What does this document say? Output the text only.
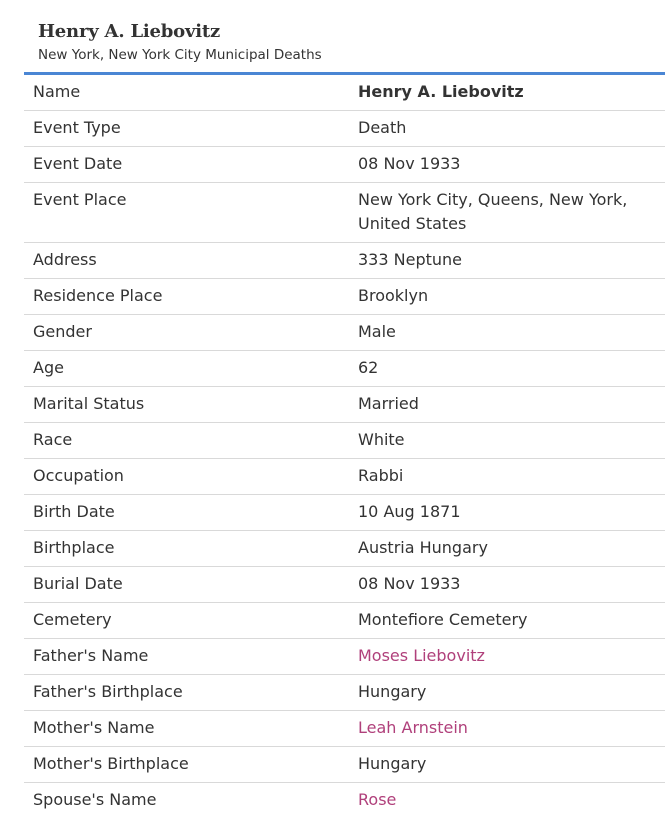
Henry A. Liebovitz

New York, New York City Municipal Deaths

Name	Henry A. Liebovitz
Event Type	Death
Event Date	08 Nov 1933
Event Place	New York City, Queens, New York, United States
Address	333 Neptune
Residence Place	Brooklyn
Gender	Male
Age	62
Marital Status	Married
Race	White
Occupation	Rabbi
Birth Date	10 Aug 1871
Birthplace	Austria Hungary
Burial Date	08 Nov 1933
Cemetery	Montefiore Cemetery
Father's Name	Moses Liebovitz
Father's Birthplace	Hungary
Mother's Name	Leah Arnstein
Mother's Birthplace	Hungary
Spouse's Name	Rose
